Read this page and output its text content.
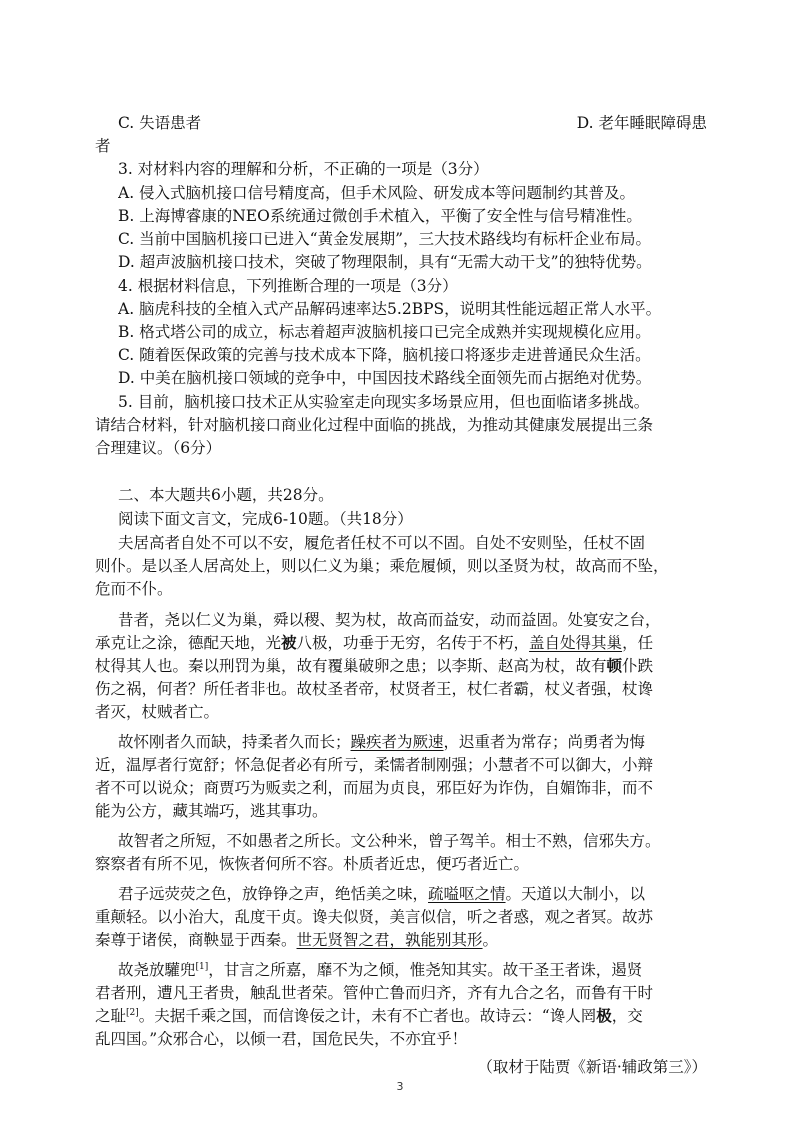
C. 失语患者	D. 老年睡眠障碍患
者
3. 对材料内容的理解和分析，不正确的一项是（3分）
A. 侵入式脑机接口信号精度高，但手术风险、研发成本等问题制约其普及。
B. 上海博睿康的NEO系统通过微创手术植入，平衡了安全性与信号精准性。
C. 当前中国脑机接口已进入“黄金发展期”，三大技术路线均有标杆企业布局。
D. 超声波脑机接口技术，突破了物理限制，具有“无需大动干戈”的独特优势。
4. 根据材料信息，下列推断合理的一项是（3分）
A. 脑虎科技的全植入式产品解码速率达5.2BPS，说明其性能远超正常人水平。
B. 格式塔公司的成立，标志着超声波脑机接口已完全成熟并实现规模化应用。
C. 随着医保政策的完善与技术成本下降，脑机接口将逐步走进普通民众生活。
D. 中美在脑机接口领域的竞争中，中国因技术路线全面领先而占据绝对优势。
5. 目前，脑机接口技术正从实验室走向现实多场景应用，但也面临诸多挑战。
请结合材料，针对脑机接口商业化过程中面临的挑战，为推动其健康发展提出三条
合理建议。（6分）
二、本大题共6小题，共28分。
阅读下面文言文，完成6-10题。（共18分）
夫居高者自处不可以不安，履危者任杖不可以不固。自处不安则坠，任杖不固
则仆。是以圣人居高处上，则以仁义为巢；乘危履倾，则以圣贤为杖，故高而不坠，
危而不仆。
昔者，尧以仁义为巢，舜以稷、契为杖，故高而益安，动而益固。处宴安之台，
承克让之涂，德配天地，光被八极，功垂于无穷，名传于不朽，盖自处得其巢，任
杖得其人也。秦以刑罚为巢，故有覆巢破卵之患；以李斯、赵高为杖，故有顿仆跌
伤之祸，何者？所任者非也。故杖圣者帝，杖贤者王，杖仁者霸，杖义者强，杖谗
者灭，杖贼者亡。
故怀刚者久而缺，持柔者久而长；躁疾者为厥速，迟重者为常存；尚勇者为悔
近，温厚者行宽舒；怀急促者必有所亏，柔懦者制刚强；小慧者不可以御大，小辩
者不可以说众；商贾巧为贩卖之利，而屈为贞良，邪臣好为诈伪，自媚饰非，而不
能为公方，藏其端巧，逃其事功。
故智者之所短，不如愚者之所长。文公种米，曾子驾羊。相士不熟，信邪失方。
察察者有所不见，恢恢者何所不容。朴质者近忠，便巧者近亡。
君子远荧荧之色，放铮铮之声，绝恬美之味，疏嗌呕之情。天道以大制小，以
重颠轻。以小治大，乱度干贞。谗夫似贤，美言似信，听之者惑，观之者冥。故苏
秦尊于诸侯，商鞅显于西秦。世无贤智之君，孰能别其形。
故尧放驩兜[1]，甘言之所嘉，靡不为之倾，惟尧知其实。故干圣王者诛，遏贤
君者刑，遭凡王者贵，触乱世者荣。管仲亡鲁而归齐，齐有九合之名，而鲁有干时
之耻[2]。夫据千乘之国，而信谗佞之计，未有不亡者也。故诗云：“谗人罔极，交
乱四国。”众邪合心，以倾一君，国危民失，不亦宜乎！
（取材于陆贾《新语·辅政第三》）
3
